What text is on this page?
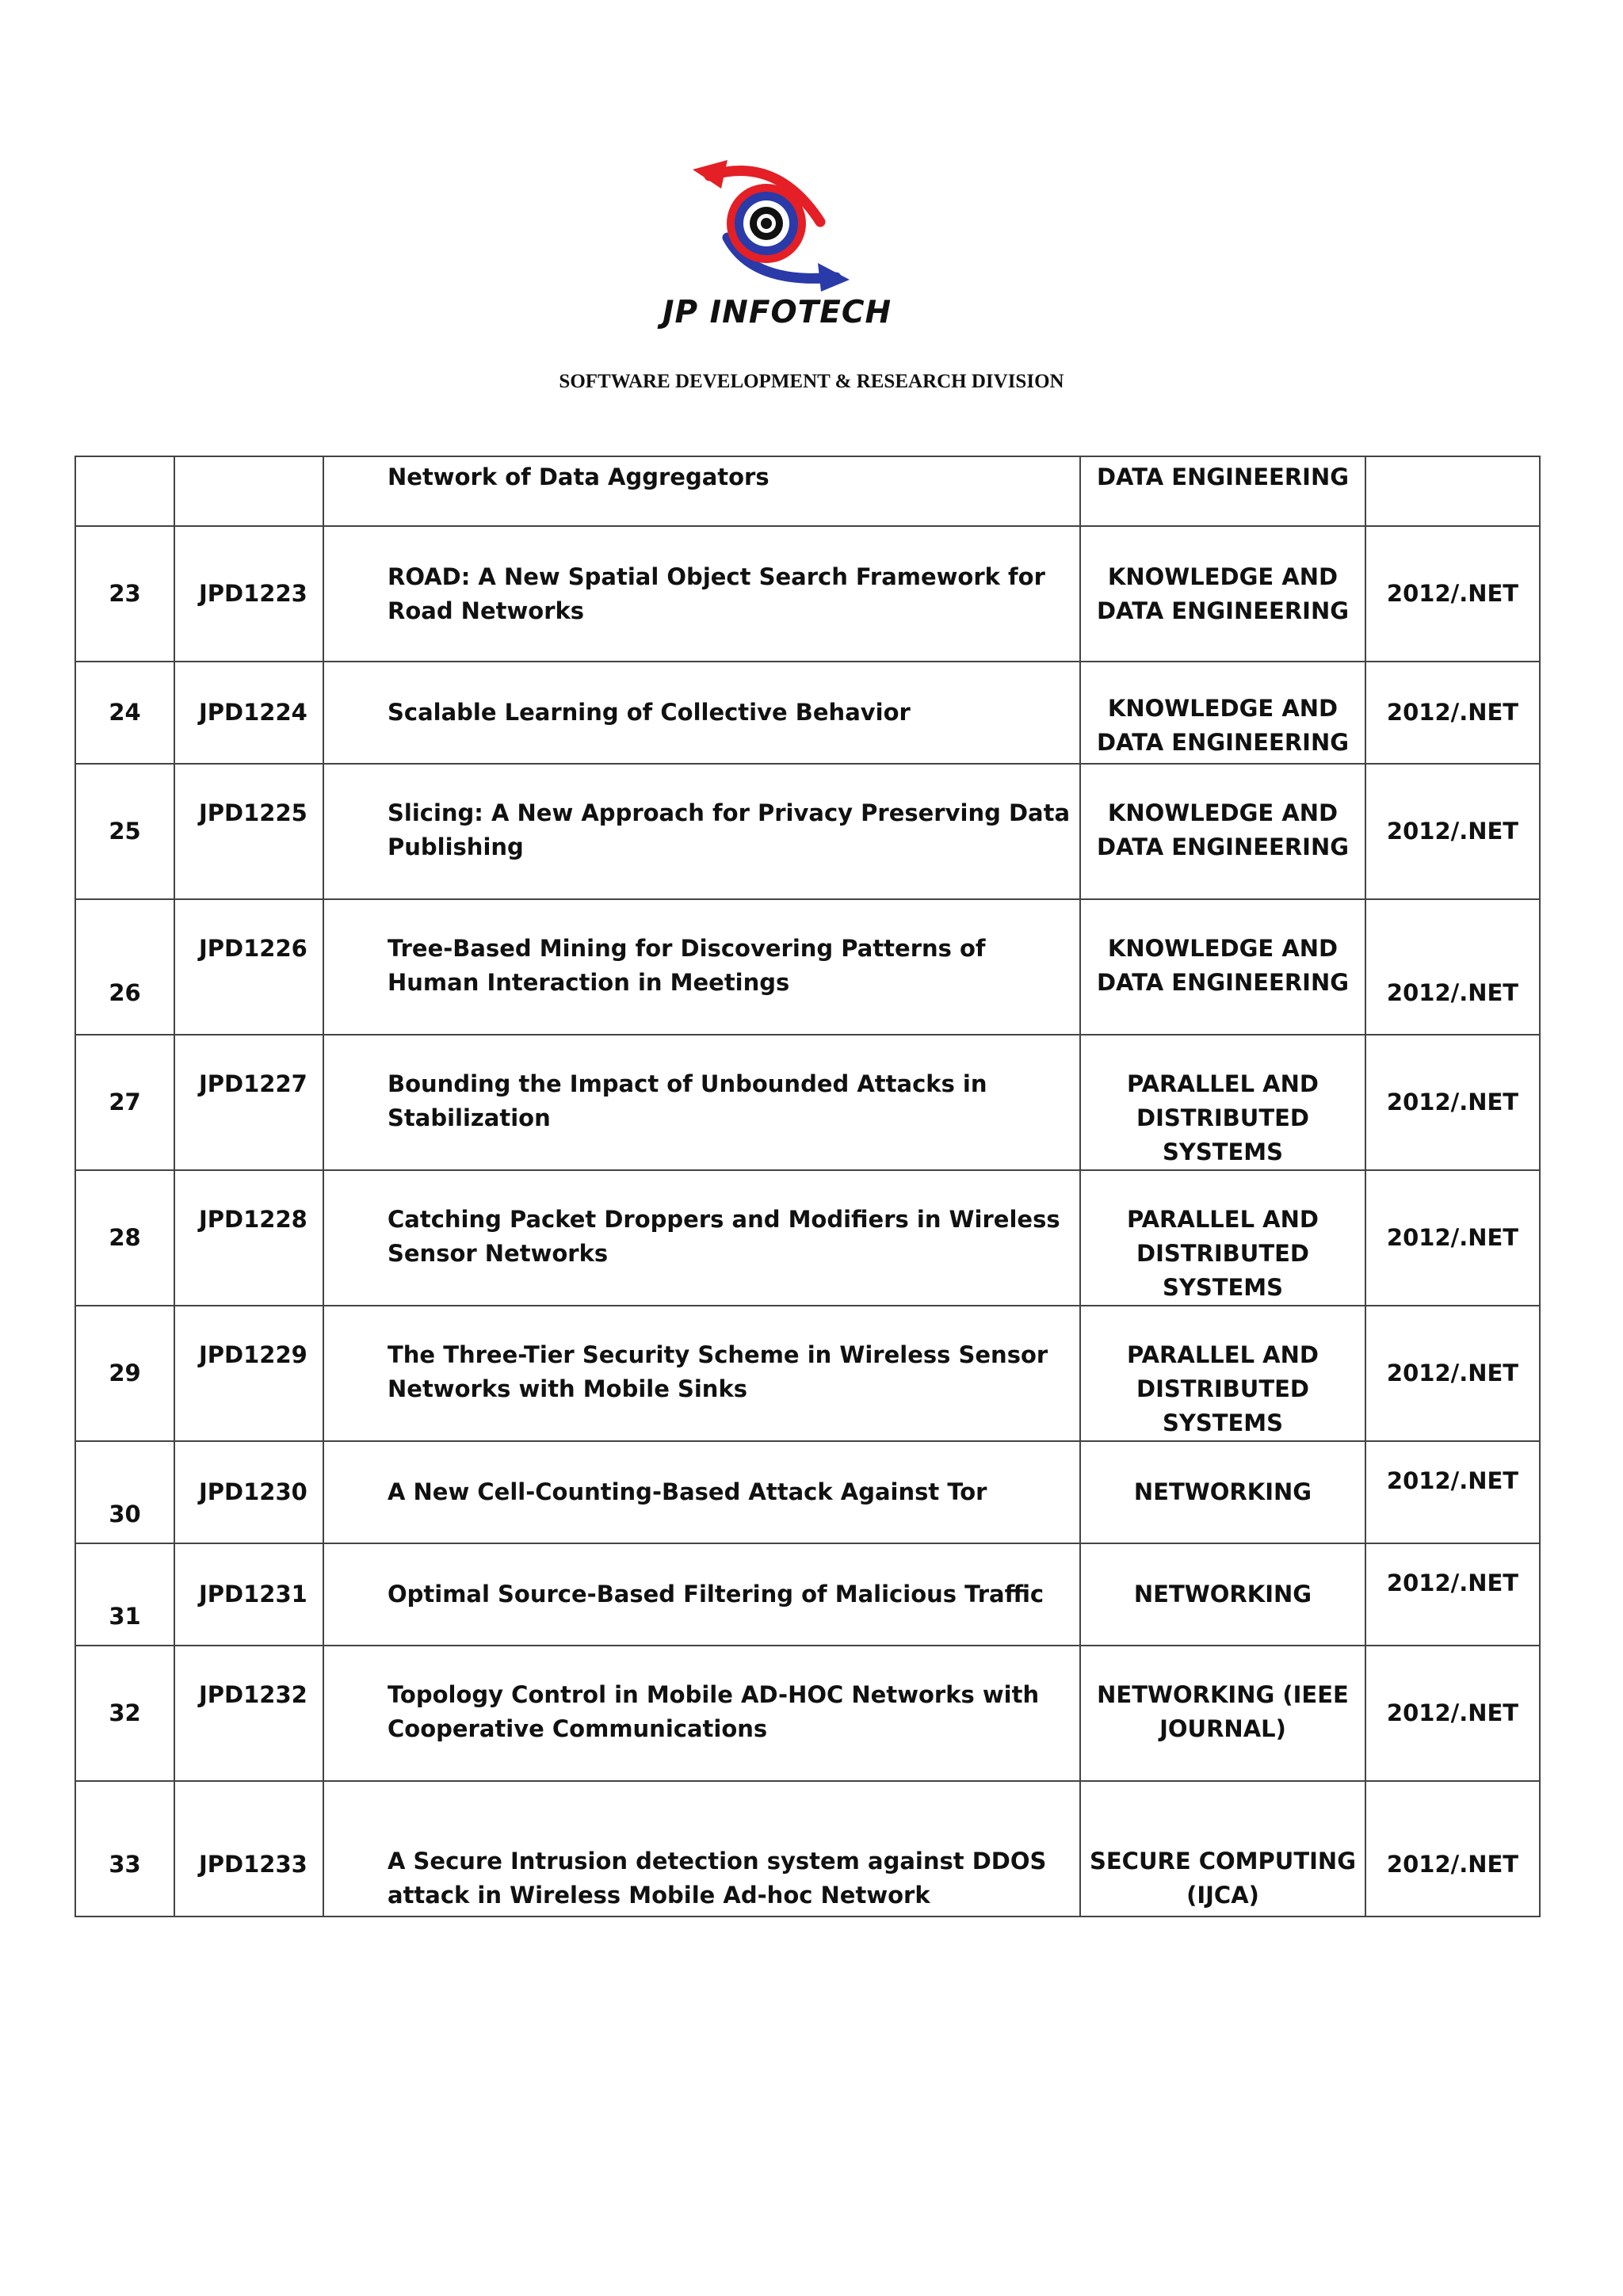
JP INFOTECH
SOFTWARE DEVELOPMENT & RESEARCH DIVISION
		Network of Data Aggregators	DATA ENGINEERING	
23	JPD1223	ROAD: A New Spatial Object Search Framework for Road Networks	KNOWLEDGE AND DATA ENGINEERING	2012/.NET
24	JPD1224	Scalable Learning of Collective Behavior	KNOWLEDGE AND DATA ENGINEERING	2012/.NET
25	JPD1225	Slicing: A New Approach for Privacy Preserving Data Publishing	KNOWLEDGE AND DATA ENGINEERING	2012/.NET
26	JPD1226	Tree-Based Mining for Discovering Patterns of Human Interaction in Meetings	KNOWLEDGE AND DATA ENGINEERING	2012/.NET
27	JPD1227	Bounding the Impact of Unbounded Attacks in Stabilization	PARALLEL AND DISTRIBUTED SYSTEMS	2012/.NET
28	JPD1228	Catching Packet Droppers and Modifiers in Wireless Sensor Networks	PARALLEL AND DISTRIBUTED SYSTEMS	2012/.NET
29	JPD1229	The Three-Tier Security Scheme in Wireless Sensor Networks with Mobile Sinks	PARALLEL AND DISTRIBUTED SYSTEMS	2012/.NET
30	JPD1230	A New Cell-Counting-Based Attack Against Tor	NETWORKING	2012/.NET
31	JPD1231	Optimal Source-Based Filtering of Malicious Traffic	NETWORKING	2012/.NET
32	JPD1232	Topology Control in Mobile AD-HOC Networks with Cooperative Communications	NETWORKING (IEEE JOURNAL)	2012/.NET
33	JPD1233	A Secure Intrusion detection system against DDOS attack in Wireless Mobile Ad-hoc Network	SECURE COMPUTING (IJCA)	2012/.NET
